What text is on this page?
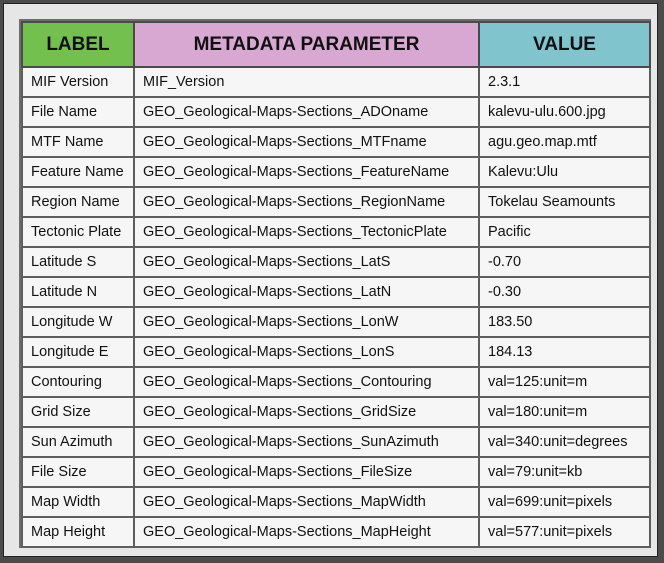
LABEL	METADATA PARAMETER	VALUE
MIF Version	MIF_Version	2.3.1
File Name	GEO_Geological-Maps-Sections_ADOname	kalevu-ulu.600.jpg
MTF Name	GEO_Geological-Maps-Sections_MTFname	agu.geo.map.mtf
Feature Name	GEO_Geological-Maps-Sections_FeatureName	Kalevu:Ulu
Region Name	GEO_Geological-Maps-Sections_RegionName	Tokelau Seamounts
Tectonic Plate	GEO_Geological-Maps-Sections_TectonicPlate	Pacific
Latitude S	GEO_Geological-Maps-Sections_LatS	-0.70
Latitude N	GEO_Geological-Maps-Sections_LatN	-0.30
Longitude W	GEO_Geological-Maps-Sections_LonW	183.50
Longitude E	GEO_Geological-Maps-Sections_LonS	184.13
Contouring	GEO_Geological-Maps-Sections_Contouring	val=125:unit=m
Grid Size	GEO_Geological-Maps-Sections_GridSize	val=180:unit=m
Sun Azimuth	GEO_Geological-Maps-Sections_SunAzimuth	val=340:unit=degrees
File Size	GEO_Geological-Maps-Sections_FileSize	val=79:unit=kb
Map Width	GEO_Geological-Maps-Sections_MapWidth	val=699:unit=pixels
Map Height	GEO_Geological-Maps-Sections_MapHeight	val=577:unit=pixels
